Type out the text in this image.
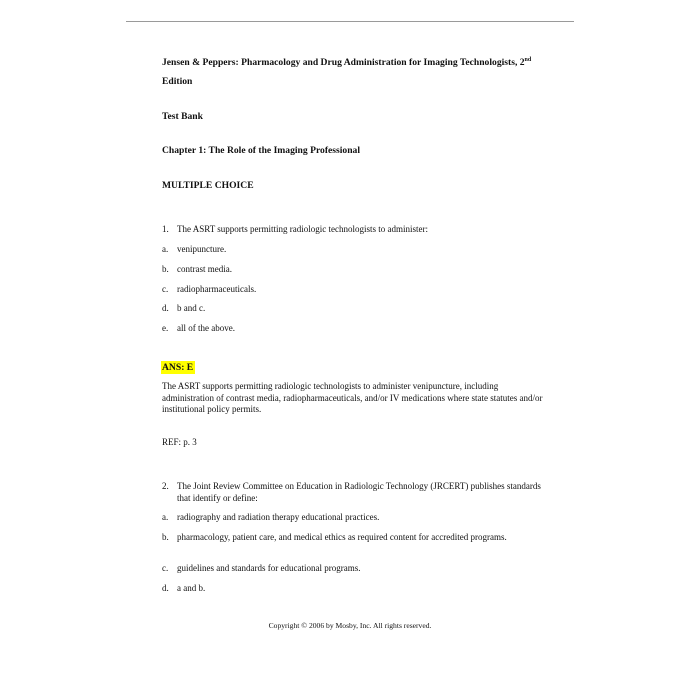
Jensen & Peppers: Pharmacology and Drug Administration for Imaging Technologists, 2nd

Edition

Test Bank

Chapter 1: The Role of the Imaging Professional

MULTIPLE CHOICE

1. The ASRT supports permitting radiologic technologists to administer:

a. venipuncture.

b. contrast media.

c. radiopharmaceuticals.

d. b and c.

e. all of the above.

ANS: E

The ASRT supports permitting radiologic technologists to administer venipuncture, including administration of contrast media, radiopharmaceuticals, and/or IV medications where state statutes and/or institutional policy permits.

REF: p. 3

2. The Joint Review Committee on Education in Radiologic Technology (JRCERT) publishes standards that identify or define:

a. radiography and radiation therapy educational practices.

b. pharmacology, patient care, and medical ethics as required content for accredited programs.

c. guidelines and standards for educational programs.

d. a and b.

Copyright © 2006 by Mosby, Inc. All rights reserved.
